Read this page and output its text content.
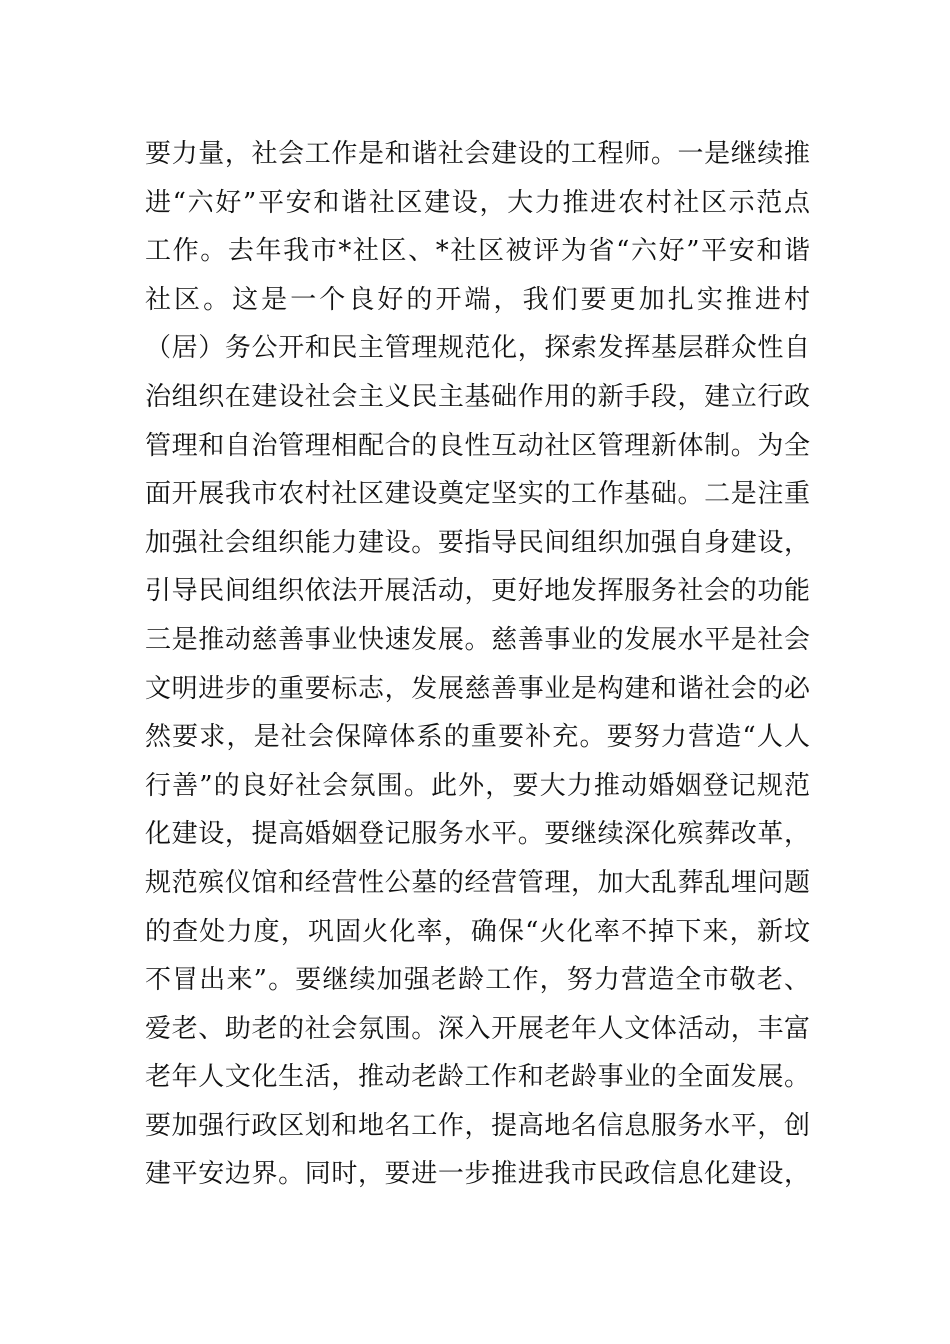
要力量，社会工作是和谐社会建设的工程师。一是继续推
进“六好”平安和谐社区建设，大力推进农村社区示范点
工作。去年我市*社区、*社区被评为省“六好”平安和谐
社区。这是一个良好的开端，我们要更加扎实推进村
（居）务公开和民主管理规范化，探索发挥基层群众性自
治组织在建设社会主义民主基础作用的新手段，建立行政
管理和自治管理相配合的良性互动社区管理新体制。为全
面开展我市农村社区建设奠定坚实的工作基础。二是注重
加强社会组织能力建设。要指导民间组织加强自身建设，
引导民间组织依法开展活动，更好地发挥服务社会的功能
三是推动慈善事业快速发展。慈善事业的发展水平是社会
文明进步的重要标志，发展慈善事业是构建和谐社会的必
然要求，是社会保障体系的重要补充。要努力营造“人人
行善”的良好社会氛围。此外，要大力推动婚姻登记规范
化建设，提高婚姻登记服务水平。要继续深化殡葬改革，
规范殡仪馆和经营性公墓的经营管理，加大乱葬乱埋问题
的查处力度，巩固火化率，确保“火化率不掉下来，新坟
不冒出来”。要继续加强老龄工作，努力营造全市敬老、
爱老、助老的社会氛围。深入开展老年人文体活动，丰富
老年人文化生活，推动老龄工作和老龄事业的全面发展。
要加强行政区划和地名工作，提高地名信息服务水平，创
建平安边界。同时，要进一步推进我市民政信息化建设，
